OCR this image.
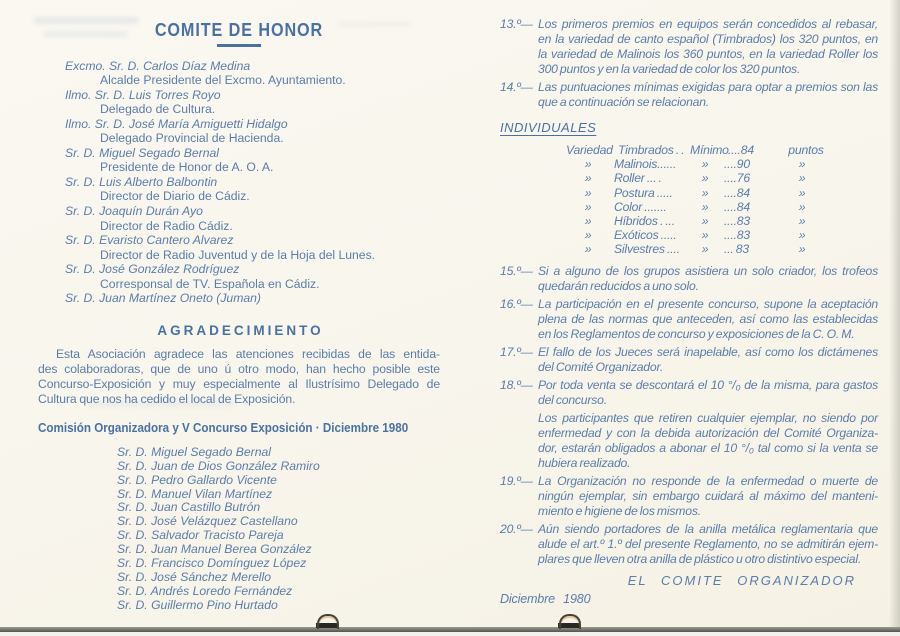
COMITE DE HONOR
Excmo. Sr. D. Carlos Díaz Medina
Alcalde Presidente del Excmo. Ayuntamiento.
Ilmo. Sr. D. Luis Torres Royo
Delegado de Cultura.
Ilmo. Sr. D. José María Amiguetti Hidalgo
Delegado Provincial de Hacienda.
Sr. D. Miguel Segado Bernal
Presidente de Honor de A. O. A.
Sr. D. Luis Alberto Balbontin
Director de Diario de Cádiz.
Sr. D. Joaquín Durán Ayo
Director de Radio Cádiz.
Sr. D. Evaristo Cantero Alvarez
Director de Radio Juventud y de la Hoja del Lunes.
Sr. D. José González Rodríguez
Corresponsal de TV. Española en Cádiz.
Sr. D. Juan Martínez Oneto (Juman)
AGRADECIMIENTO
Esta Asociación agradece las atenciones recibidas de las entida-
des colaboradoras, que de uno ú otro modo, han hecho posible este
Concurso-Exposición y muy especialmente al Ilustrísimo Delegado de
Cultura que nos ha cedido el local de Exposición.
Comisión Organizadora y V Concurso Exposición · Diciembre 1980
Sr. D. Miguel Segado Bernal
Sr. D. Juan de Dios González Ramiro
Sr. D. Pedro Gallardo Vicente
Sr. D. Manuel Vilan Martínez
Sr. D. Juan Castillo Butrón
Sr. D. José Velázquez Castellano
Sr. D. Salvador Tracisto Pareja
Sr. D. Juan Manuel Berea González
Sr. D. Francisco Domínguez López
Sr. D. José Sánchez Merello
Sr. D. Andrés Loredo Fernández
Sr. D. Guillermo Pino Hurtado
13.º— Los primeros premios en equipos serán concedidos al rebasar,
en la variedad de canto español (Timbrados) los 320 puntos, en
la variedad de Malinois los 360 puntos, en la variedad Roller los
300 puntos y en la variedad de color los 320 puntos.
14.º— Las puntuaciones mínimas exigidas para optar a premios son las
que a continuación se relacionan.
INDIVIDUALES
Variedad Timbrados . . Mínimo ....84	puntos
»	Malinois......	»	....90	»
»	Roller ... .	»	....76	»
»	Postura .....	»	....84	»
»	Color .......	»	....84	»
»	Híbridos . ...	»	....83	»
»	Exóticos .....	»	....83	»
»	Silvestres ....	»	... 83	»
15.º— Si a alguno de los grupos asistiera un solo criador, los trofeos
quedarán reducidos a uno solo.
16.º— La participación en el presente concurso, supone la aceptación
plena de las normas que anteceden, así como las establecidas
en los Reglamentos de concurso y exposiciones de la C. O. M.
17.º— El fallo de los Jueces será inapelable, así como los dictámenes
del Comité Organizador.
18.º— Por toda venta se descontará el 10 °/₀ de la misma, para gastos
del concurso.
Los participantes que retiren cualquier ejemplar, no siendo por
enfermedad y con la debida autorización del Comité Organiza-
dor, estarán obligados a abonar el 10 °/₀ tal como si la venta se
hubiera realizado.
19.º— La Organización no responde de la enfermedad o muerte de
ningún ejemplar, sin embargo cuidará al máximo del manteni-
miento e higiene de los mismos.
20.º— Aún siendo portadores de la anilla metálica reglamentaria que
alude el art.º 1.º del presente Reglamento, no se admitirán ejem-
plares que lleven otra anilla de plástico u otro distintivo especial.
EL COMITE ORGANIZADOR
Diciembre 1980
